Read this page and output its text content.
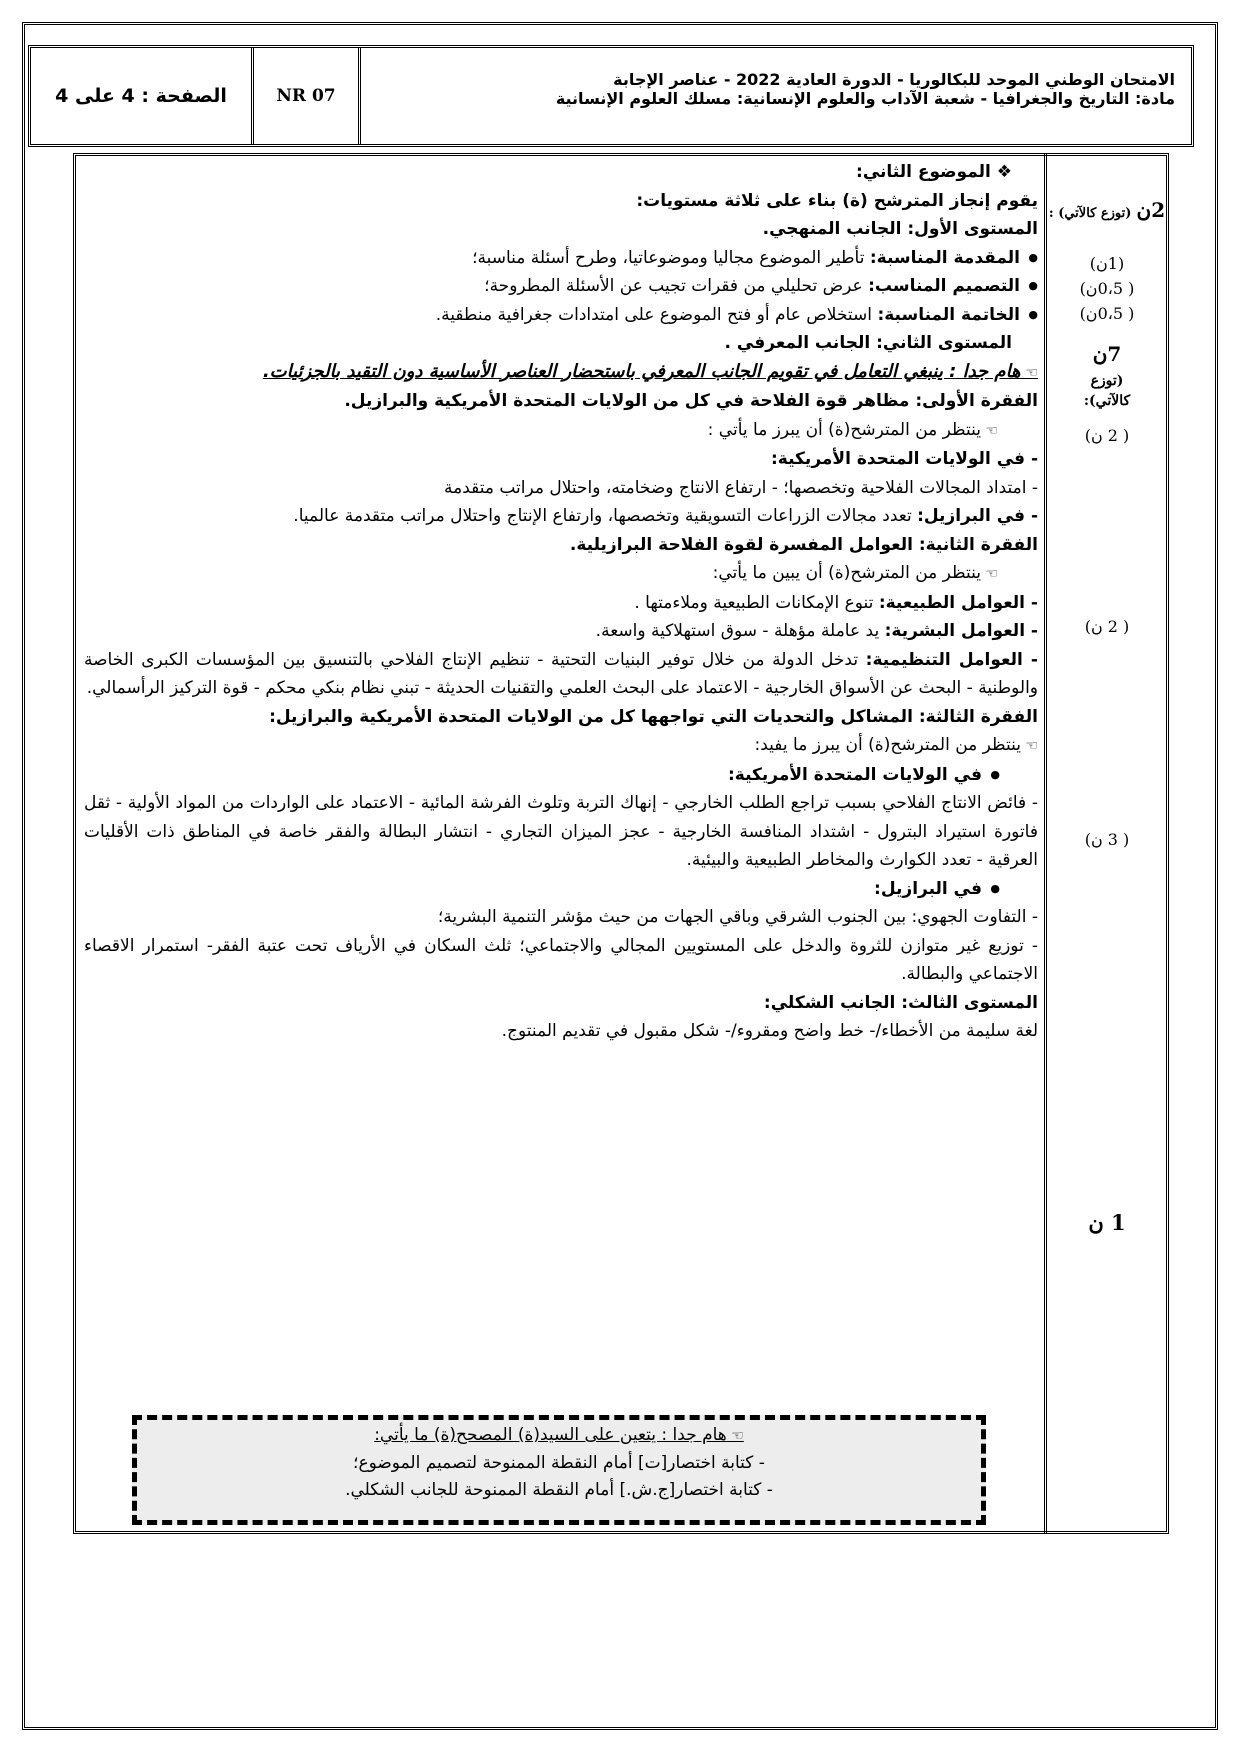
الامتحان الوطني الموحد للبكالوريا - الدورة العادية 2022 - عناصر الإجابة
مادة: التاريخ والجغرافيا - شعبة الآداب والعلوم الإنسانية: مسلك العلوم الإنسانية
NR 07
الصفحة : 4 على 4
2ن (توزع كالآتي) :
(1ن)
( 0،5ن)
( 0،5ن)
7ن
(توزع كالآتي):
( 2 ن)
( 2 ن)
( 3 ن)
1 ن

❖ الموضوع الثاني:

يقوم إنجاز المترشح (ة) بناء على ثلاثة مستويات:

المستوى الأول: الجانب المنهجي.

● المقدمة المناسبة: تأطير الموضوع مجاليا وموضوعاتيا، وطرح أسئلة مناسبة؛

● التصميم المناسب: عرض تحليلي من فقرات تجيب عن الأسئلة المطروحة؛

● الخاتمة المناسبة: استخلاص عام أو فتح الموضوع على امتدادات جغرافية منطقية.

المستوى الثاني: الجانب المعرفي .

☜ هام جدا : ينبغي التعامل في تقويم الجانب المعرفي باستحضار العناصر الأساسية دون التقيد بالجزئيات.

الفقرة الأولى: مظاهر قوة الفلاحة في كل من الولايات المتحدة الأمريكية والبرازيل.

☜ ينتظر من المترشح(ة) أن يبرز ما يأتي :

- في الولايات المتحدة الأمريكية:

- امتداد المجالات الفلاحية وتخصصها؛ - ارتفاع الانتاج وضخامته، واحتلال مراتب متقدمة

- في البرازيل: تعدد مجالات الزراعات التسويقية وتخصصها، وارتفاع الإنتاج واحتلال مراتب متقدمة عالميا.

الفقرة الثانية: العوامل المفسرة لقوة الفلاحة البرازيلية.

☜ ينتظر من المترشح(ة) أن يبين ما يأتي:

- العوامل الطبيعية: تنوع الإمكانات الطبيعية وملاءمتها .

- العوامل البشرية: يد عاملة مؤهلة - سوق استهلاكية واسعة.

- العوامل التنظيمية: تدخل الدولة من خلال توفير البنيات التحتية - تنظيم الإنتاج الفلاحي بالتنسيق بين المؤسسات الكبرى الخاصة والوطنية - البحث عن الأسواق الخارجية - الاعتماد على البحث العلمي والتقنيات الحديثة - تبني نظام بنكي محكم - قوة التركيز الرأسمالي.

الفقرة الثالثة: المشاكل والتحديات التي تواجهها كل من الولايات المتحدة الأمريكية والبرازيل:

☜ ينتظر من المترشح(ة) أن يبرز ما يفيد:

● في الولايات المتحدة الأمريكية:

- فائض الانتاج الفلاحي بسبب تراجع الطلب الخارجي - إنهاك التربة وتلوث الفرشة المائية - الاعتماد على الواردات من المواد الأولية - ثقل فاتورة استيراد البترول - اشتداد المنافسة الخارجية - عجز الميزان التجاري - انتشار البطالة والفقر خاصة في المناطق ذات الأقليات العرقية - تعدد الكوارث والمخاطر الطبيعية والبيئية.

● في البرازيل:

- التفاوت الجهوي: بين الجنوب الشرقي وباقي الجهات من حيث مؤشر التنمية البشرية؛

- توزيع غير متوازن للثروة والدخل على المستويين المجالي والاجتماعي؛ ثلث السكان في الأرياف تحت عتبة الفقر- استمرار الاقصاء الاجتماعي والبطالة.

المستوى الثالث: الجانب الشكلي:

لغة سليمة من الأخطاء/- خط واضح ومقروء/- شكل مقبول في تقديم المنتوج.

☜ هام جدا : يتعين على السيد(ة) المصحح(ة) ما يأتي:

- كتابة اختصار[ت] أمام النقطة الممنوحة لتصميم الموضوع؛

- كتابة اختصار[ج.ش.] أمام النقطة الممنوحة للجانب الشكلي.
